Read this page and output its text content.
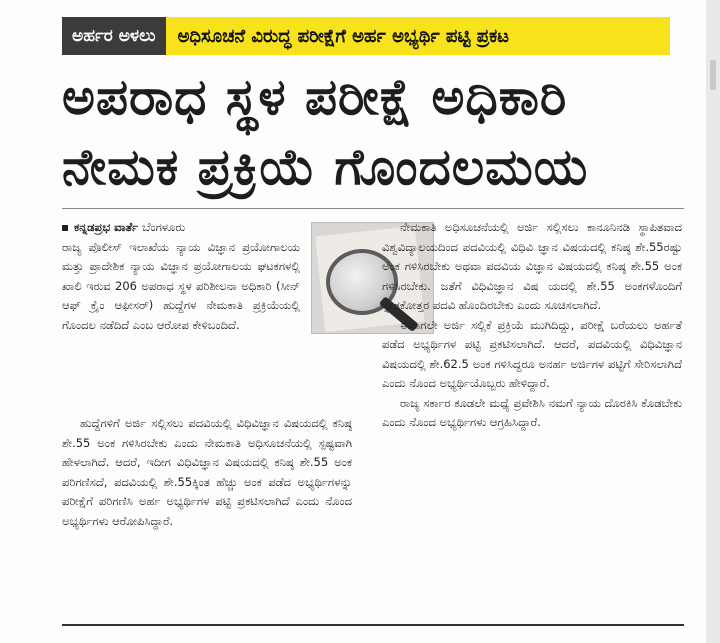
ಅರ್ಹರ ಅಳಲು	ಅಧಿಸೂಚನೆ ವಿರುದ್ಧ ಪರೀಕ್ಷೆಗೆ ಅರ್ಹ ಅಭ್ಯರ್ಥಿ ಪಟ್ಟಿ ಪ್ರಕಟ
ಅಪರಾಧ ಸ್ಥಳ ಪರೀಕ್ಷೆ ಅಧಿಕಾರಿ
ನೇಮಕ ಪ್ರಕ್ರಿಯೆ ಗೊಂದಲಮಯ

ಕನ್ನಡಪ್ರಭ ವಾರ್ತೆ ಬೆಂಗಳೂರು

ರಾಜ್ಯ ಪೊಲೀಸ್ ಇಲಾಖೆಯ ನ್ಯಾಯ ವಿಜ್ಞಾನ ಪ್ರಯೋಗಾಲಯ ಮತ್ತು ಪ್ರಾದೇಶಿಕ ನ್ಯಾಯ ವಿಜ್ಞಾನ ಪ್ರಯೋಗಾಲಯ ಘಟಕಗಳಲ್ಲಿ ಖಾಲಿ ಇರುವ 206 ಅಪರಾಧ ಸ್ಥಳ ಪರಿಶೀಲನಾ ಅಧಿಕಾರಿ (ಸೀನ್ ಆಫ್ ಕ್ರೈಂ ಆಫೀಸರ್) ಹುದ್ದೆಗಳ ನೇಮಕಾತಿ ಪ್ರಕ್ರಿಯೆಯಲ್ಲಿ ಗೊಂದಲ ನಡೆದಿದೆ ಎಂಬ ಆರೋಪ ಕೇಳಿಬಂದಿದೆ.

ಹುದ್ದೆಗಳಿಗೆ ಅರ್ಜಿ ಸಲ್ಲಿಸಲು ಪದವಿಯಲ್ಲಿ ವಿಧಿವಿಜ್ಞಾನ ವಿಷಯದಲ್ಲಿ ಕನಿಷ್ಠ ಶೇ.55 ಅಂಕ ಗಳಿಸಿರಬೇಕು ಎಂದು ನೇಮಕಾತಿ ಅಧಿಸೂಚನೆಯಲ್ಲಿ ಸ್ಪಷ್ಟವಾಗಿ ಹೇಳಲಾಗಿದೆ. ಆದರೆ, ಇದೀಗ ವಿಧಿವಿಜ್ಞಾನ ವಿಷಯದಲ್ಲಿ ಕನಿಷ್ಠ ಶೇ.55 ಅಂಕ ಪರಿಗಣಿಸದೆ, ಪದವಿಯಲ್ಲಿ ಶೇ.55ಕ್ಕಿಂತ ಹೆಚ್ಚು ಅಂಕ ಪಡೆದ ಅಭ್ಯರ್ಥಿಗಳನ್ನು ಪರೀಕ್ಷೆಗೆ ಪರಿಗಣಿಸಿ ಅರ್ಹ ಅಭ್ಯರ್ಥಿಗಳ ಪಟ್ಟಿ ಪ್ರಕಟಿಸಲಾಗಿದೆ ಎಂದು ನೊಂದ ಅಭ್ಯರ್ಥಿಗಳು ಆರೋಪಿಸಿದ್ದಾರೆ.

ನೇಮಕಾತಿ ಅಧಿಸೂಚನೆಯಲ್ಲಿ ಅರ್ಜಿ ಸಲ್ಲಿಸಲು ಕಾನೂನಿನಡಿ ಸ್ಥಾಪಿತವಾದ ವಿಶ್ವವಿದ್ಯಾಲಯದಿಂದ ಪದವಿಯಲ್ಲಿ ವಿಧಿವಿ ಜ್ಞಾನ ವಿಷಯದಲ್ಲಿ ಕನಿಷ್ಠ ಶೇ.55ರಷ್ಟು ಅಂಕ ಗಳಿಸಿರಬೇಕು ಅಥವಾ ಪದವಿಯ ವಿಜ್ಞಾನ ವಿಷಯದಲ್ಲಿ ಕನಿಷ್ಠ ಶೇ.55 ಅಂಕ ಗಳಿಸಿರಬೇಕು. ಜತೆಗೆ ವಿಧಿವಿಜ್ಞಾನ ವಿಷ ಯದಲ್ಲಿ ಶೇ.55 ಅಂಕಗಳೊಂದಿಗೆ ಸ್ನಾತಕೋತ್ತರ ಪದವಿ ಹೊಂದಿರಬೇಕು ಎಂದು ಸೂಚಿಸಲಾಗಿದೆ.

ಈಗಾಗಲೇ ಅರ್ಜಿ ಸಲ್ಲಿಕೆ ಪ್ರಕ್ರಿಯೆ ಮುಗಿದಿದ್ದು, ಪರೀಕ್ಷೆ ಬರೆಯಲು ಅರ್ಹತೆ ಪಡೆದ ಅಭ್ಯರ್ಥಿಗಳ ಪಟ್ಟಿ ಪ್ರಕಟಿಸಲಾಗಿದೆ. ಆದರೆ, ಪದವಿಯಲ್ಲಿ ವಿಧಿವಿಜ್ಞಾನ ವಿಷಯದಲ್ಲಿ ಶೇ.62.5 ಅಂಕ ಗಳಿಸಿದ್ದರೂ ಅನರ್ಹ ಅರ್ಜಿಗಳ ಪಟ್ಟಿಗೆ ಸೇರಿಸಲಾಗಿದೆ ಎಂದು ನೊಂದ ಅಭ್ಯರ್ಥಿಯೊಬ್ಬರು ಹೇಳಿದ್ದಾರೆ.

ರಾಜ್ಯ ಸರ್ಕಾರ ಕೂಡಲೇ ಮಧ್ಯೆ ಪ್ರವೇಶಿಸಿ ನಮಗೆ ನ್ಯಾಯ ದೊರಕಿಸಿ ಕೊಡಬೇಕು ಎಂದು ನೊಂದ ಅಭ್ಯರ್ಥಿಗಳು ಆಗ್ರಹಿಸಿದ್ದಾರೆ.
